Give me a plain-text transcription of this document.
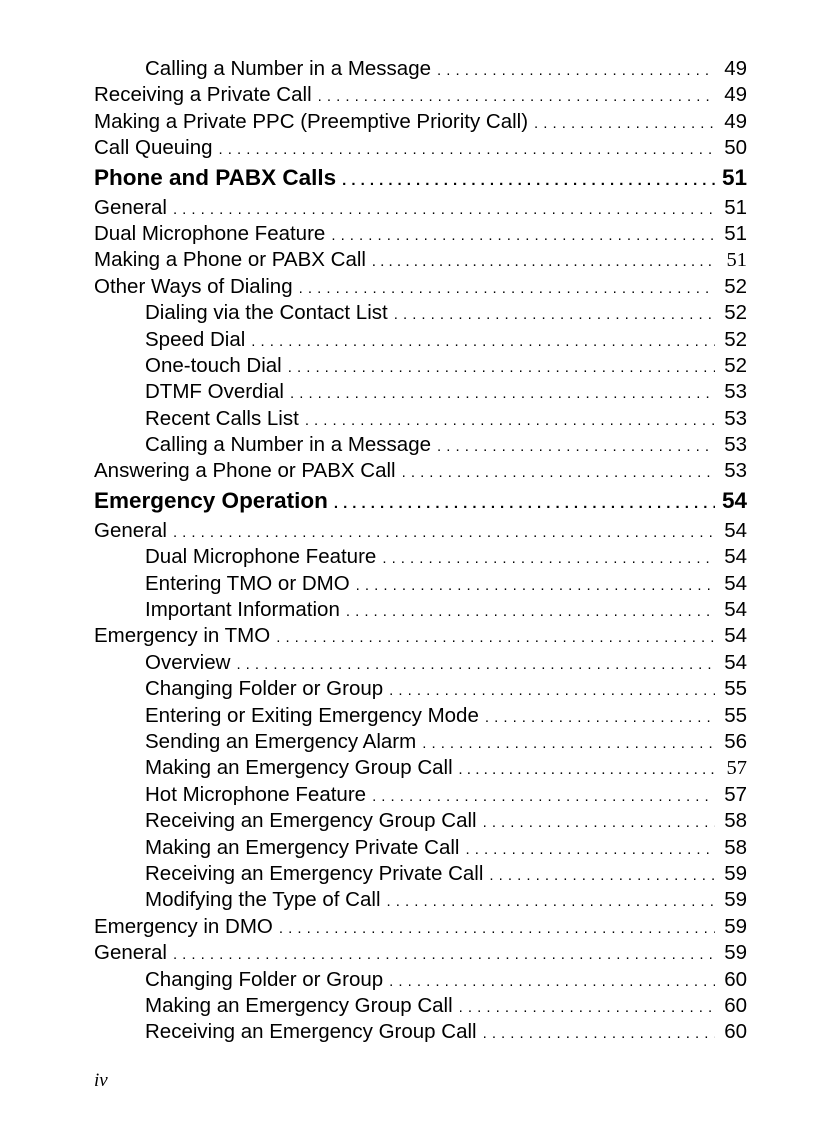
Calling a Number in a Message . . .	49
Receiving a Private Call . . .	49
Making a Private PPC (Preemptive Priority Call) . . .	49
Call Queuing . . .	50
Phone and PABX Calls . . .	51
General . . .	51
Dual Microphone Feature . . .	51
Making a Phone or PABX Call . . .	51
Other Ways of Dialing . . .	52
Dialing via the Contact List . . .	52
Speed Dial . . .	52
One-touch Dial . . .	52
DTMF Overdial . . .	53
Recent Calls List . . .	53
Calling a Number in a Message . . .	53
Answering a Phone or PABX Call . . .	53
Emergency Operation . . .	54
General . . .	54
Dual Microphone Feature . . .	54
Entering TMO or DMO . . .	54
Important Information . . .	54
Emergency in TMO . . .	54
Overview . . .	54
Changing Folder or Group . . .	55
Entering or Exiting Emergency Mode . . .	55
Sending an Emergency Alarm . . .	56
Making an Emergency Group Call . . .	57
Hot Microphone Feature . . .	57
Receiving an Emergency Group Call . . .	58
Making an Emergency Private Call . . .	58
Receiving an Emergency Private Call . . .	59
Modifying the Type of Call . . .	59
Emergency in DMO . . .	59
General . . .	59
Changing Folder or Group . . .	60
Making an Emergency Group Call . . .	60
Receiving an Emergency Group Call . . .	60
iv
